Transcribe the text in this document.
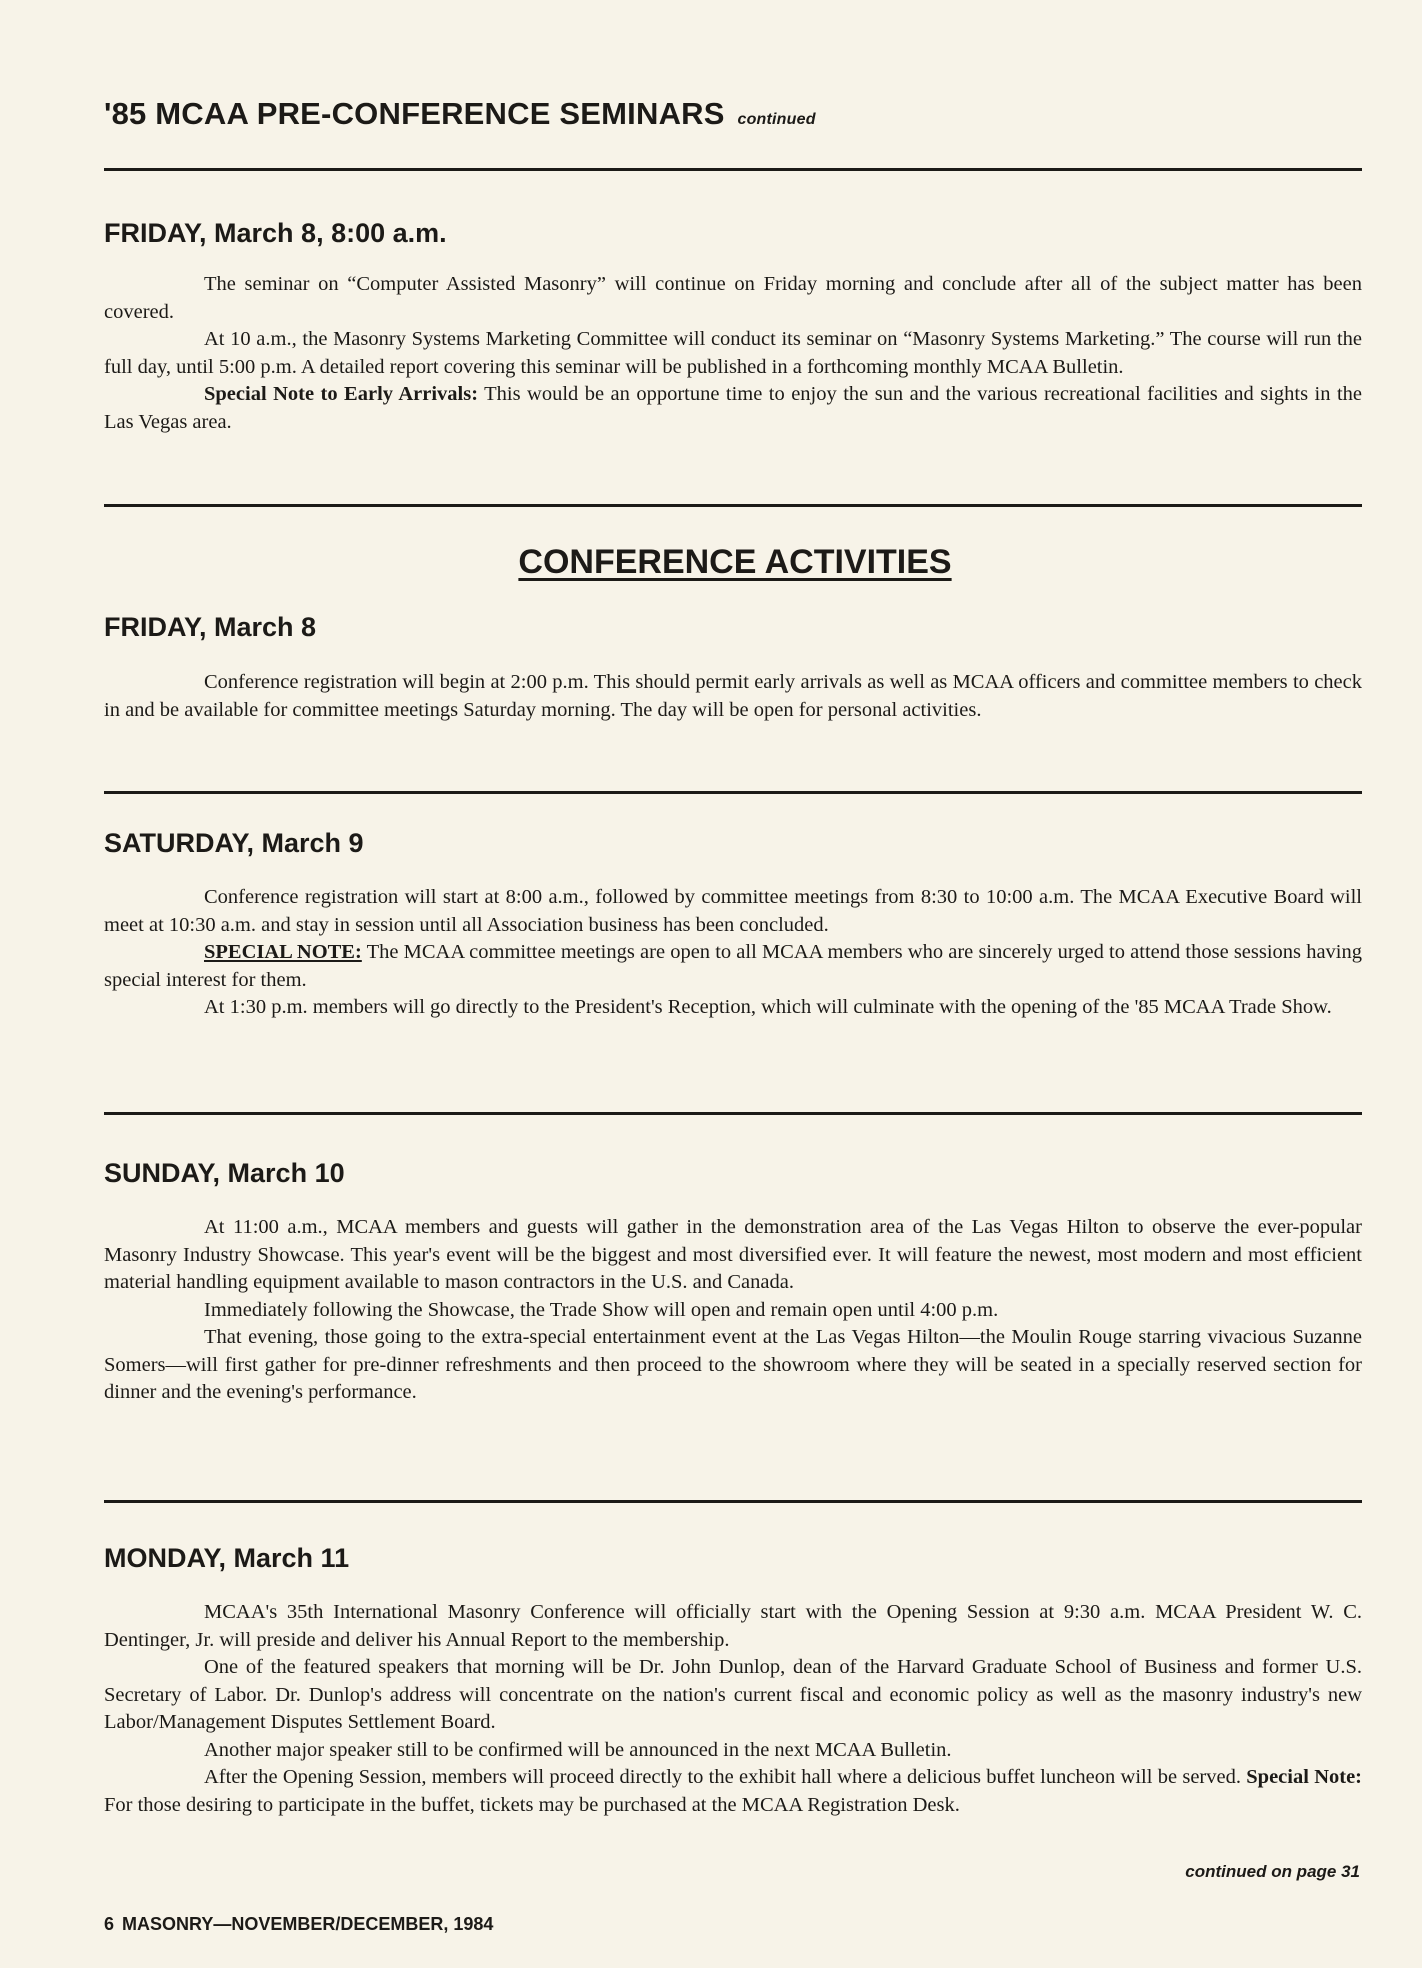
'85 MCAA PRE-CONFERENCE SEMINARS continued
FRIDAY, March 8, 8:00 a.m.

The seminar on “Computer Assisted Masonry” will continue on Friday morning and conclude after all of the subject matter has been covered.

At 10 a.m., the Masonry Systems Marketing Committee will conduct its seminar on “Masonry Systems Marketing.” The course will run the full day, until 5:00 p.m. A detailed report covering this seminar will be published in a forthcoming monthly MCAA Bulletin.

Special Note to Early Arrivals: This would be an opportune time to enjoy the sun and the various recreational facilities and sights in the Las Vegas area.

CONFERENCE ACTIVITIES
FRIDAY, March 8

Conference registration will begin at 2:00 p.m. This should permit early arrivals as well as MCAA officers and committee members to check in and be available for committee meetings Saturday morning. The day will be open for personal activities.

SATURDAY, March 9

Conference registration will start at 8:00 a.m., followed by committee meetings from 8:30 to 10:00 a.m. The MCAA Executive Board will meet at 10:30 a.m. and stay in session until all Association business has been concluded.

SPECIAL NOTE: The MCAA committee meetings are open to all MCAA members who are sincerely urged to attend those sessions having special interest for them.

At 1:30 p.m. members will go directly to the President's Reception, which will culminate with the opening of the '85 MCAA Trade Show.

SUNDAY, March 10

At 11:00 a.m., MCAA members and guests will gather in the demonstration area of the Las Vegas Hilton to observe the ever-popular Masonry Industry Showcase. This year's event will be the biggest and most diversified ever. It will feature the newest, most modern and most efficient material handling equipment available to mason contractors in the U.S. and Canada.

Immediately following the Showcase, the Trade Show will open and remain open until 4:00 p.m.

That evening, those going to the extra-special entertainment event at the Las Vegas Hilton—the Moulin Rouge starring vivacious Suzanne Somers—will first gather for pre-dinner refreshments and then proceed to the showroom where they will be seated in a specially reserved section for dinner and the evening's performance.

MONDAY, March 11

MCAA's 35th International Masonry Conference will officially start with the Opening Session at 9:30 a.m. MCAA President W. C. Dentinger, Jr. will preside and deliver his Annual Report to the membership.

One of the featured speakers that morning will be Dr. John Dunlop, dean of the Harvard Graduate School of Business and former U.S. Secretary of Labor. Dr. Dunlop's address will concentrate on the nation's current fiscal and economic policy as well as the masonry industry's new Labor/Management Disputes Settlement Board.

Another major speaker still to be confirmed will be announced in the next MCAA Bulletin.

After the Opening Session, members will proceed directly to the exhibit hall where a delicious buffet luncheon will be served. Special Note: For those desiring to participate in the buffet, tickets may be purchased at the MCAA Registration Desk.

continued on page 31
6 MASONRY—NOVEMBER/DECEMBER, 1984
